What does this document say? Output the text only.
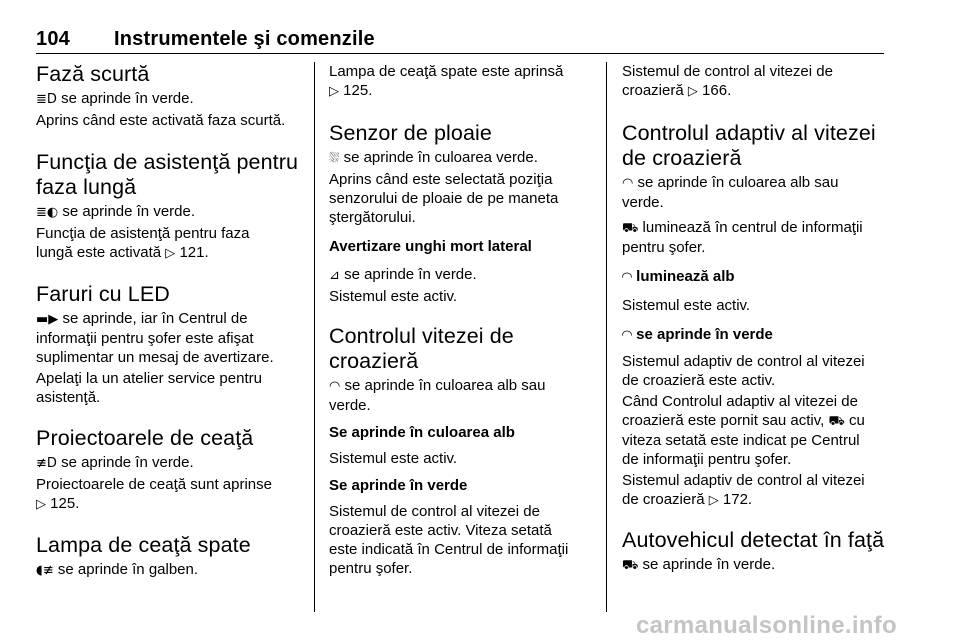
104 Instrumentele şi comenzile
Fază scurtă

≣D se aprinde în verde.

Aprins când este activată faza scurtă.

Funcţia de asistenţă pentru
faza lungă

≣◐ se aprinde în verde.

Funcţia de asistenţă pentru faza
lungă este activată ▷ 121.

Faruri cu LED

▬▶ se aprinde, iar în Centrul de
informaţii pentru şofer este afişat
suplimentar un mesaj de avertizare.

Apelaţi la un atelier service pentru
asistenţă.

Proiectoarele de ceaţă

≢D se aprinde în verde.

Proiectoarele de ceaţă sunt aprinse
▷ 125.

Lampa de ceaţă spate

◖≢ se aprinde în galben.

Lampa de ceaţă spate este aprinsă
▷ 125.

Senzor de ploaie

⛆ se aprinde în culoarea verde.

Aprins când este selectată poziţia
senzorului de ploaie de pe maneta
ştergătorului.

Avertizare unghi mort lateral

⊿ se aprinde în verde.

Sistemul este activ.

Controlul vitezei de
croazieră

◠ se aprinde în culoarea alb sau
verde.

Se aprinde în culoarea alb

Sistemul este activ.

Se aprinde în verde

Sistemul de control al vitezei de
croazieră este activ. Viteza setată
este indicată în Centrul de informaţii
pentru şofer.

Sistemul de control al vitezei de
croazieră ▷ 166.

Controlul adaptiv al vitezei
de croazieră

◠ se aprinde în culoarea alb sau
verde.

⛟ luminează în centrul de informaţii
pentru şofer.

◠ luminează alb

Sistemul este activ.

◠ se aprinde în verde

Sistemul adaptiv de control al vitezei
de croazieră este activ.

Când Controlul adaptiv al vitezei de
croazieră este pornit sau activ, ⛟ cu
viteza setată este indicat pe Centrul
de informaţii pentru şofer.

Sistemul adaptiv de control al vitezei
de croazieră ▷ 172.

Autovehicul detectat în faţă

⛟ se aprinde în verde.

carmanualsonline.info
